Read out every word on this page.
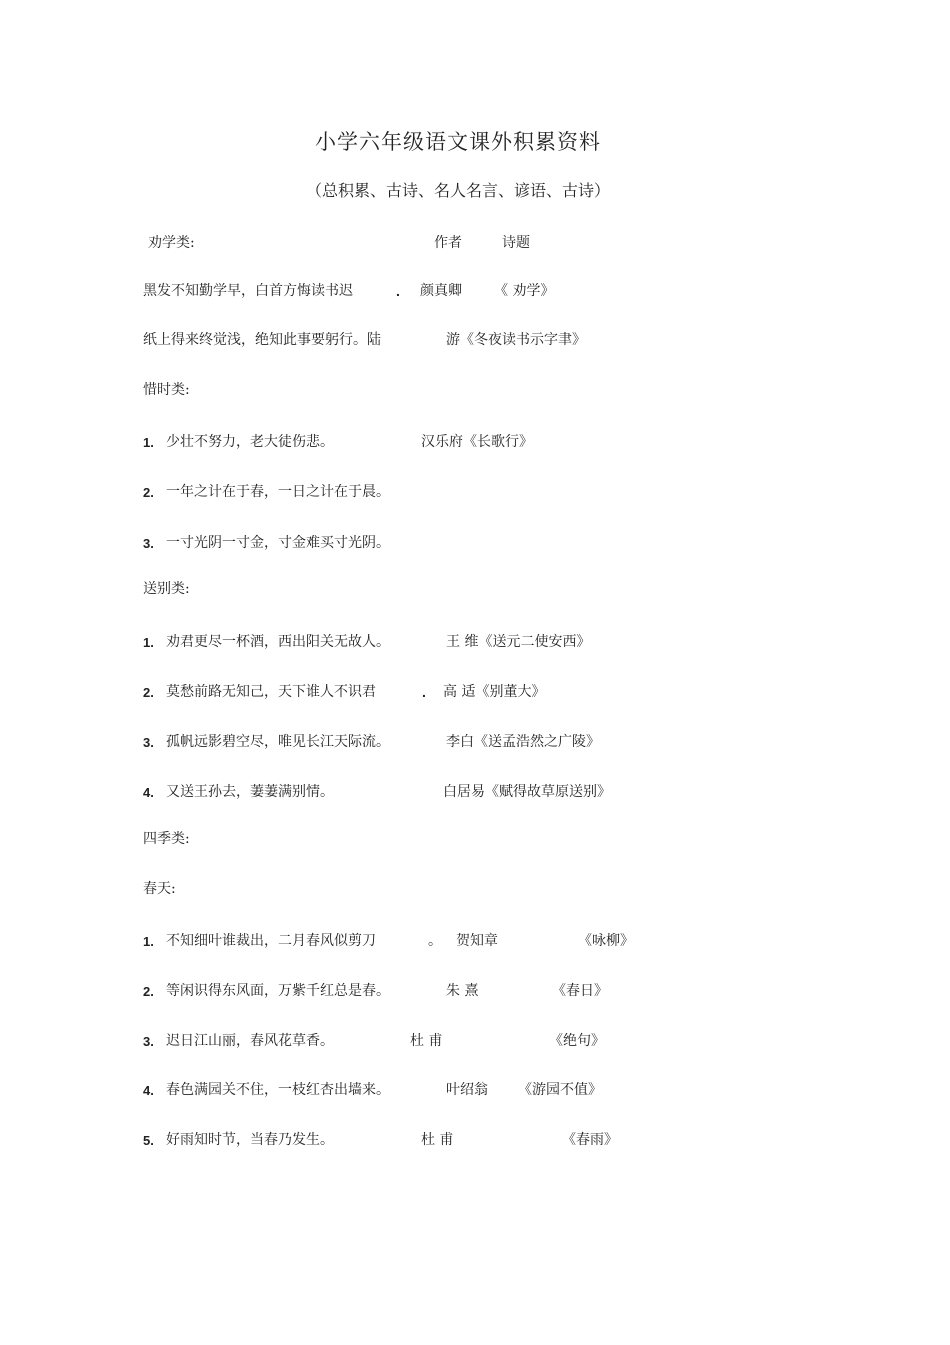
小学六年级语文课外积累资料
（总积累、古诗、名人名言、谚语、古诗）
劝学类:	作者	诗题
黑发不知勤学早，白首方悔读书迟	. 颜真卿 《 劝学》
纸上得来终觉浅，绝知此事要躬行。陆	游《冬夜读书示字聿》
惜时类:
1. 少壮不努力，老大徒伤悲。	汉乐府《长歌行》
2. 一年之计在于春，一日之计在于晨。
3. 一寸光阴一寸金，寸金难买寸光阴。
送别类:
1. 劝君更尽一杯酒，西出阳关无故人。	王 维《送元二使安西》
2. 莫愁前路无知己，天下谁人不识君	. 高 适《别董大》
3. 孤帆远影碧空尽，唯见长江天际流。	李白《送孟浩然之广陵》
4. 又送王孙去，萋萋满别情。	白居易《赋得故草原送别》
四季类:
春天:
1. 不知细叶谁裁出，二月春风似剪刀	。 贺知章	《咏柳》
2. 等闲识得东风面，万紫千红总是春。	朱 熹	《春日》
3. 迟日江山丽，春风花草香。	杜 甫	《绝句》
4. 春色满园关不住，一枝红杏出墙来。	叶绍翁 《游园不值》
5. 好雨知时节，当春乃发生。	杜 甫	《春雨》
